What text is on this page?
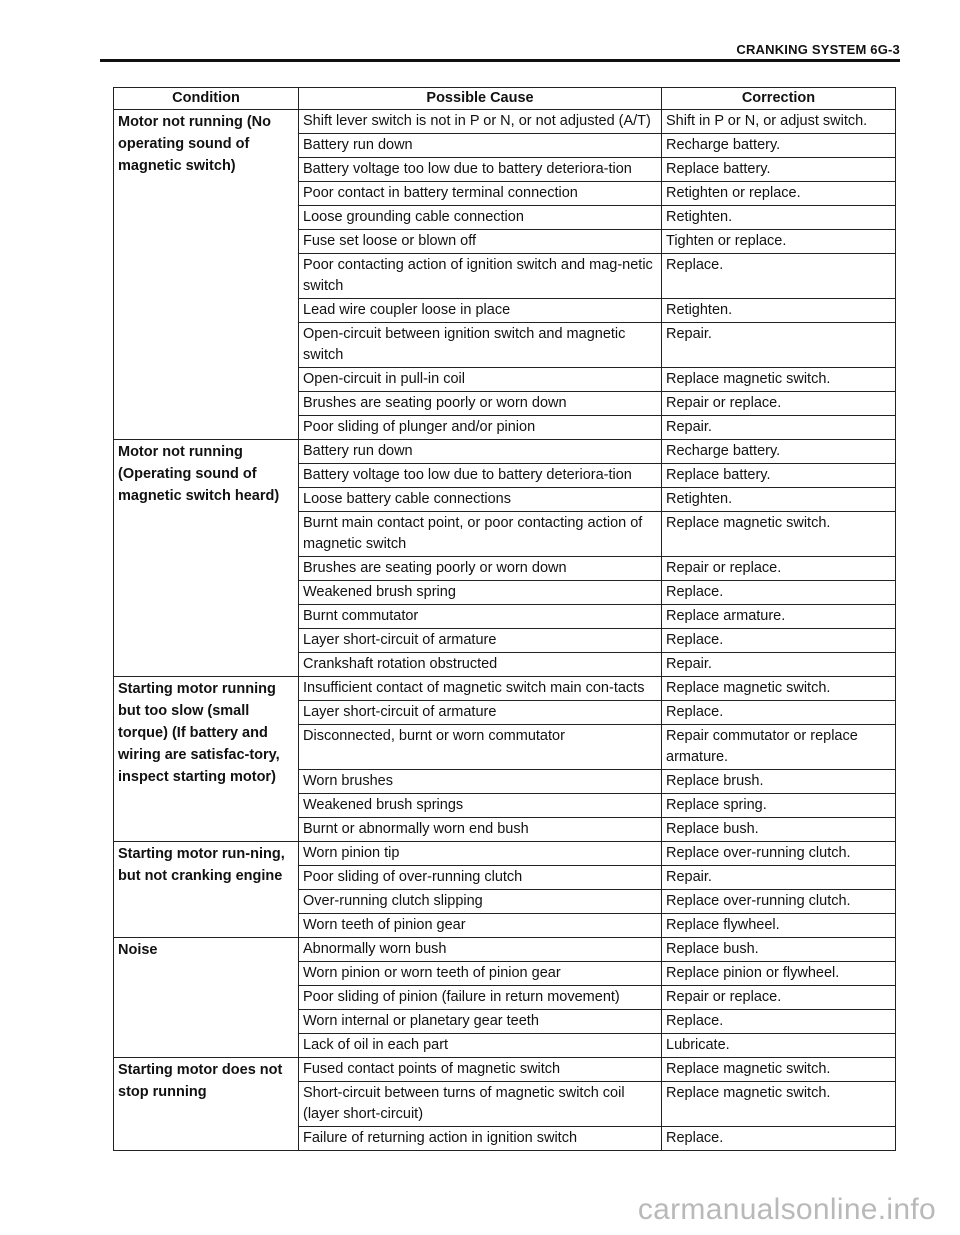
CRANKING SYSTEM 6G-3
Condition	Possible Cause	Correction
Motor not running (No operating sound of magnetic switch)	Shift lever switch is not in P or N, or not adjusted (A/T)	Shift in P or N, or adjust switch.
	Battery run down	Recharge battery.
	Battery voltage too low due to battery deteriora-tion	Replace battery.
	Poor contact in battery terminal connection	Retighten or replace.
	Loose grounding cable connection	Retighten.
	Fuse set loose or blown off	Tighten or replace.
	Poor contacting action of ignition switch and mag-netic switch	Replace.
	Lead wire coupler loose in place	Retighten.
	Open-circuit between ignition switch and magnetic switch	Repair.
	Open-circuit in pull-in coil	Replace magnetic switch.
	Brushes are seating poorly or worn down	Repair or replace.
	Poor sliding of plunger and/or pinion	Repair.
Motor not running (Operating sound of magnetic switch heard)	Battery run down	Recharge battery.
	Battery voltage too low due to battery deteriora-tion	Replace battery.
	Loose battery cable connections	Retighten.
	Burnt main contact point, or poor contacting action of magnetic switch	Replace magnetic switch.
	Brushes are seating poorly or worn down	Repair or replace.
	Weakened brush spring	Replace.
	Burnt commutator	Replace armature.
	Layer short-circuit of armature	Replace.
	Crankshaft rotation obstructed	Repair.
Starting motor running but too slow (small torque) (If battery and wiring are satisfac-tory, inspect starting motor)	Insufficient contact of magnetic switch main con-tacts	Replace magnetic switch.
	Layer short-circuit of armature	Replace.
	Disconnected, burnt or worn commutator	Repair commutator or replace armature.
	Worn brushes	Replace brush.
	Weakened brush springs	Replace spring.
	Burnt or abnormally worn end bush	Replace bush.
Starting motor run-ning, but not cranking engine	Worn pinion tip	Replace over-running clutch.
	Poor sliding of over-running clutch	Repair.
	Over-running clutch slipping	Replace over-running clutch.
	Worn teeth of pinion gear	Replace flywheel.
Noise	Abnormally worn bush	Replace bush.
	Worn pinion or worn teeth of pinion gear	Replace pinion or flywheel.
	Poor sliding of pinion (failure in return movement)	Repair or replace.
	Worn internal or planetary gear teeth	Replace.
	Lack of oil in each part	Lubricate.
Starting motor does not stop running	Fused contact points of magnetic switch	Replace magnetic switch.
	Short-circuit between turns of magnetic switch coil (layer short-circuit)	Replace magnetic switch.
	Failure of returning action in ignition switch	Replace.
carmanualsonline.info
